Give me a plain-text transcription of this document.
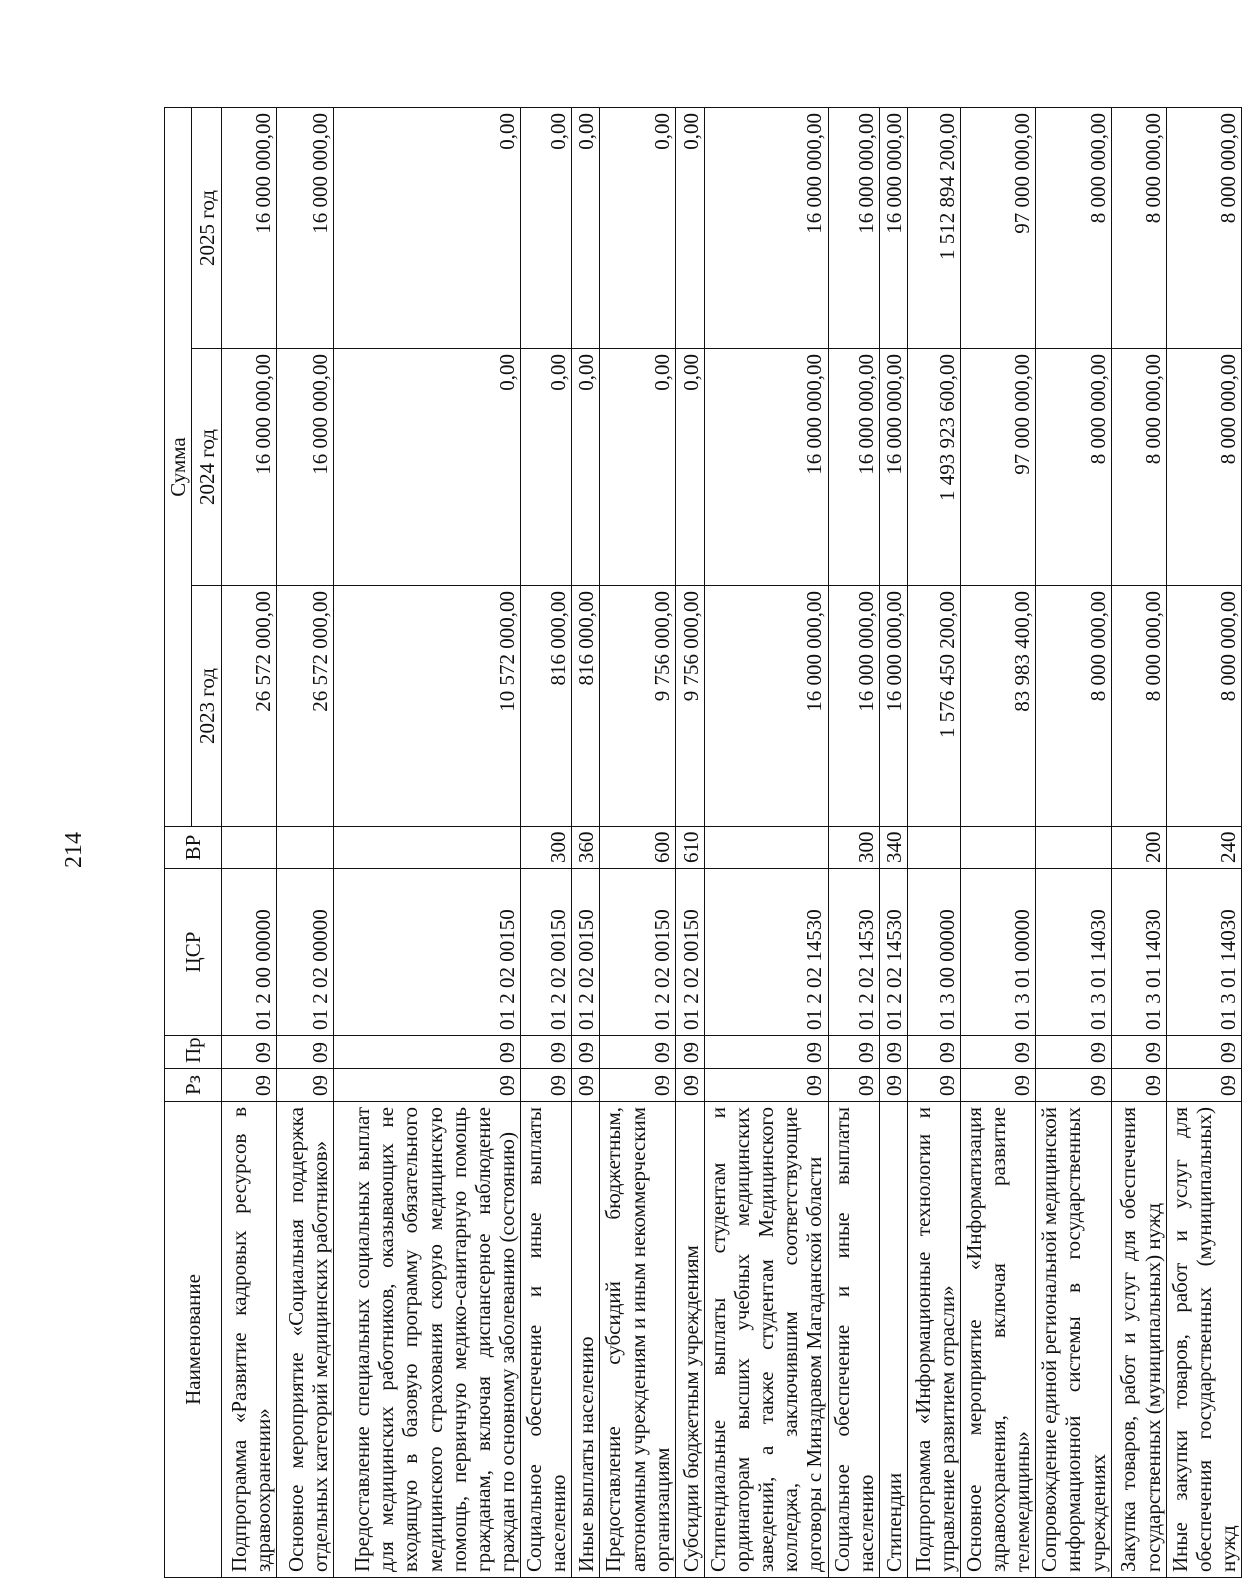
214
Наименование	Рз	Пр	ЦСР	ВР	Сумма		
					2023 год	2024 год	2025 год
Подпрограмма «Развитие кадровых ресурсов в здравоохранении»	09	09	01 2 00 00000		26 572 000,00	16 000 000,00	16 000 000,00
Основное мероприятие «Социальная поддержка отдельных категорий медицинских работников»	09	09	01 2 02 00000		26 572 000,00	16 000 000,00	16 000 000,00
Предоставление специальных социальных выплат для медицинских работников, оказывающих не входящую в базовую программу обязательного медицинского страхования скорую медицинскую помощь, первичную медико-санитарную помощь гражданам, включая диспансерное наблюдение граждан по основному заболеванию (состоянию)	09	09	01 2 02 00150		10 572 000,00	0,00	0,00
Социальное обеспечение и иные выплаты населению	09	09	01 2 02 00150	300	816 000,00	0,00	0,00
Иные выплаты населению	09	09	01 2 02 00150	360	816 000,00	0,00	0,00
Предоставление субсидий бюджетным, автономным учреждениям и иным некоммерческим организациям	09	09	01 2 02 00150	600	9 756 000,00	0,00	0,00
Субсидии бюджетным учреждениям	09	09	01 2 02 00150	610	9 756 000,00	0,00	0,00
Стипендиальные выплаты студентам и ординаторам высших учебных медицинских заведений, а также студентам Медицинского колледжа, заключившим соответствующие договоры с Минздравом Магаданской области	09	09	01 2 02 14530		16 000 000,00	16 000 000,00	16 000 000,00
Социальное обеспечение и иные выплаты населению	09	09	01 2 02 14530	300	16 000 000,00	16 000 000,00	16 000 000,00
Стипендии	09	09	01 2 02 14530	340	16 000 000,00	16 000 000,00	16 000 000,00
Подпрограмма «Информационные технологии и управление развитием отрасли»	09	09	01 3 00 00000		1 576 450 200,00	1 493 923 600,00	1 512 894 200,00
Основное мероприятие «Информатизация здравоохранения, включая развитие телемедицины»	09	09	01 3 01 00000		83 983 400,00	97 000 000,00	97 000 000,00
Сопровождение единой региональной медицинской информационной системы в государственных учреждениях	09	09	01 3 01 14030		8 000 000,00	8 000 000,00	8 000 000,00
Закупка товаров, работ и услуг для обеспечения государственных (муниципальных) нужд	09	09	01 3 01 14030	200	8 000 000,00	8 000 000,00	8 000 000,00
Иные закупки товаров, работ и услуг для обеспечения государственных (муниципальных) нужд	09	09	01 3 01 14030	240	8 000 000,00	8 000 000,00	8 000 000,00
